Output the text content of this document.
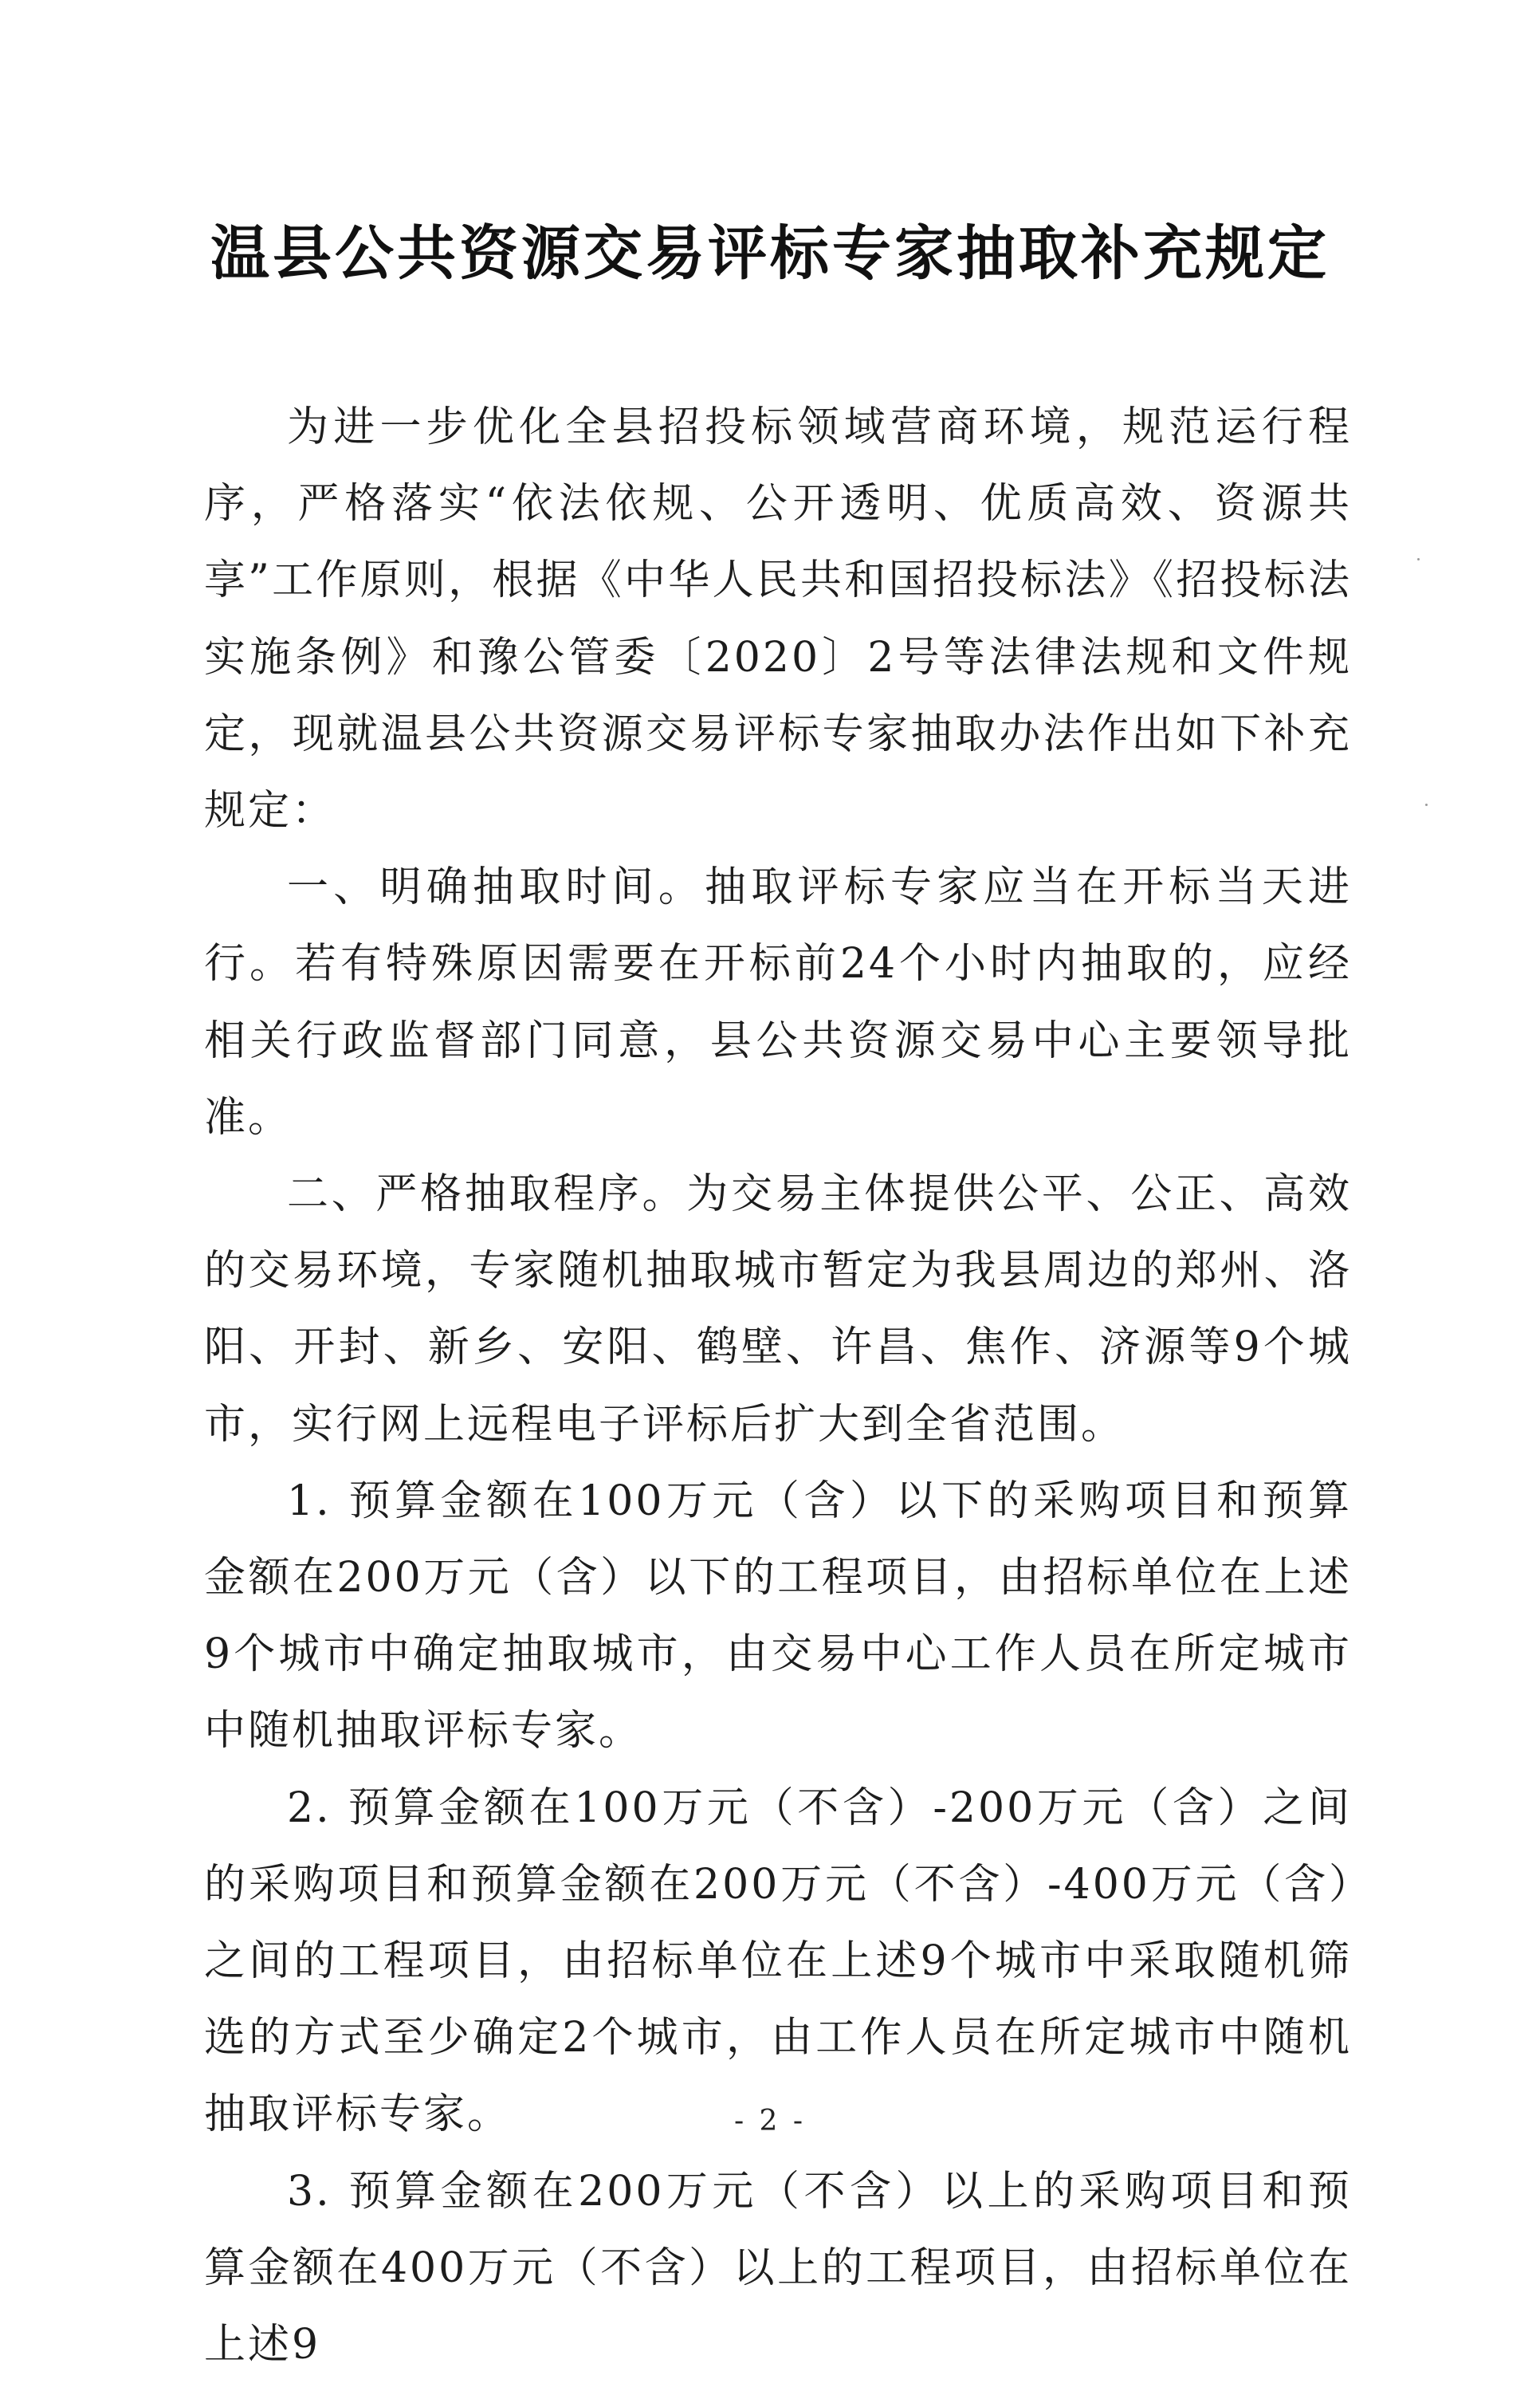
温县公共资源交易评标专家抽取补充规定

为进一步优化全县招投标领域营商环境，规范运行程序，严格落实“依法依规、公开透明、优质高效、资源共享”工作原则，根据《中华人民共和国招投标法》《招投标法实施条例》和豫公管委〔2020〕2号等法律法规和文件规定，现就温县公共资源交易评标专家抽取办法作出如下补充规定：

一、明确抽取时间。抽取评标专家应当在开标当天进行。若有特殊原因需要在开标前24个小时内抽取的，应经相关行政监督部门同意，县公共资源交易中心主要领导批准。

二、严格抽取程序。为交易主体提供公平、公正、高效的交易环境，专家随机抽取城市暂定为我县周边的郑州、洛阳、开封、新乡、安阳、鹤壁、许昌、焦作、济源等9个城市，实行网上远程电子评标后扩大到全省范围。

1. 预算金额在100万元（含）以下的采购项目和预算金额在200万元（含）以下的工程项目，由招标单位在上述9个城市中确定抽取城市，由交易中心工作人员在所定城市中随机抽取评标专家。

2. 预算金额在100万元（不含）-200万元（含）之间的采购项目和预算金额在200万元（不含）-400万元（含）之间的工程项目，由招标单位在上述9个城市中采取随机筛选的方式至少确定2个城市，由工作人员在所定城市中随机抽取评标专家。

3. 预算金额在200万元（不含）以上的采购项目和预算金额在400万元（不含）以上的工程项目，由招标单位在上述9

- 2 -
